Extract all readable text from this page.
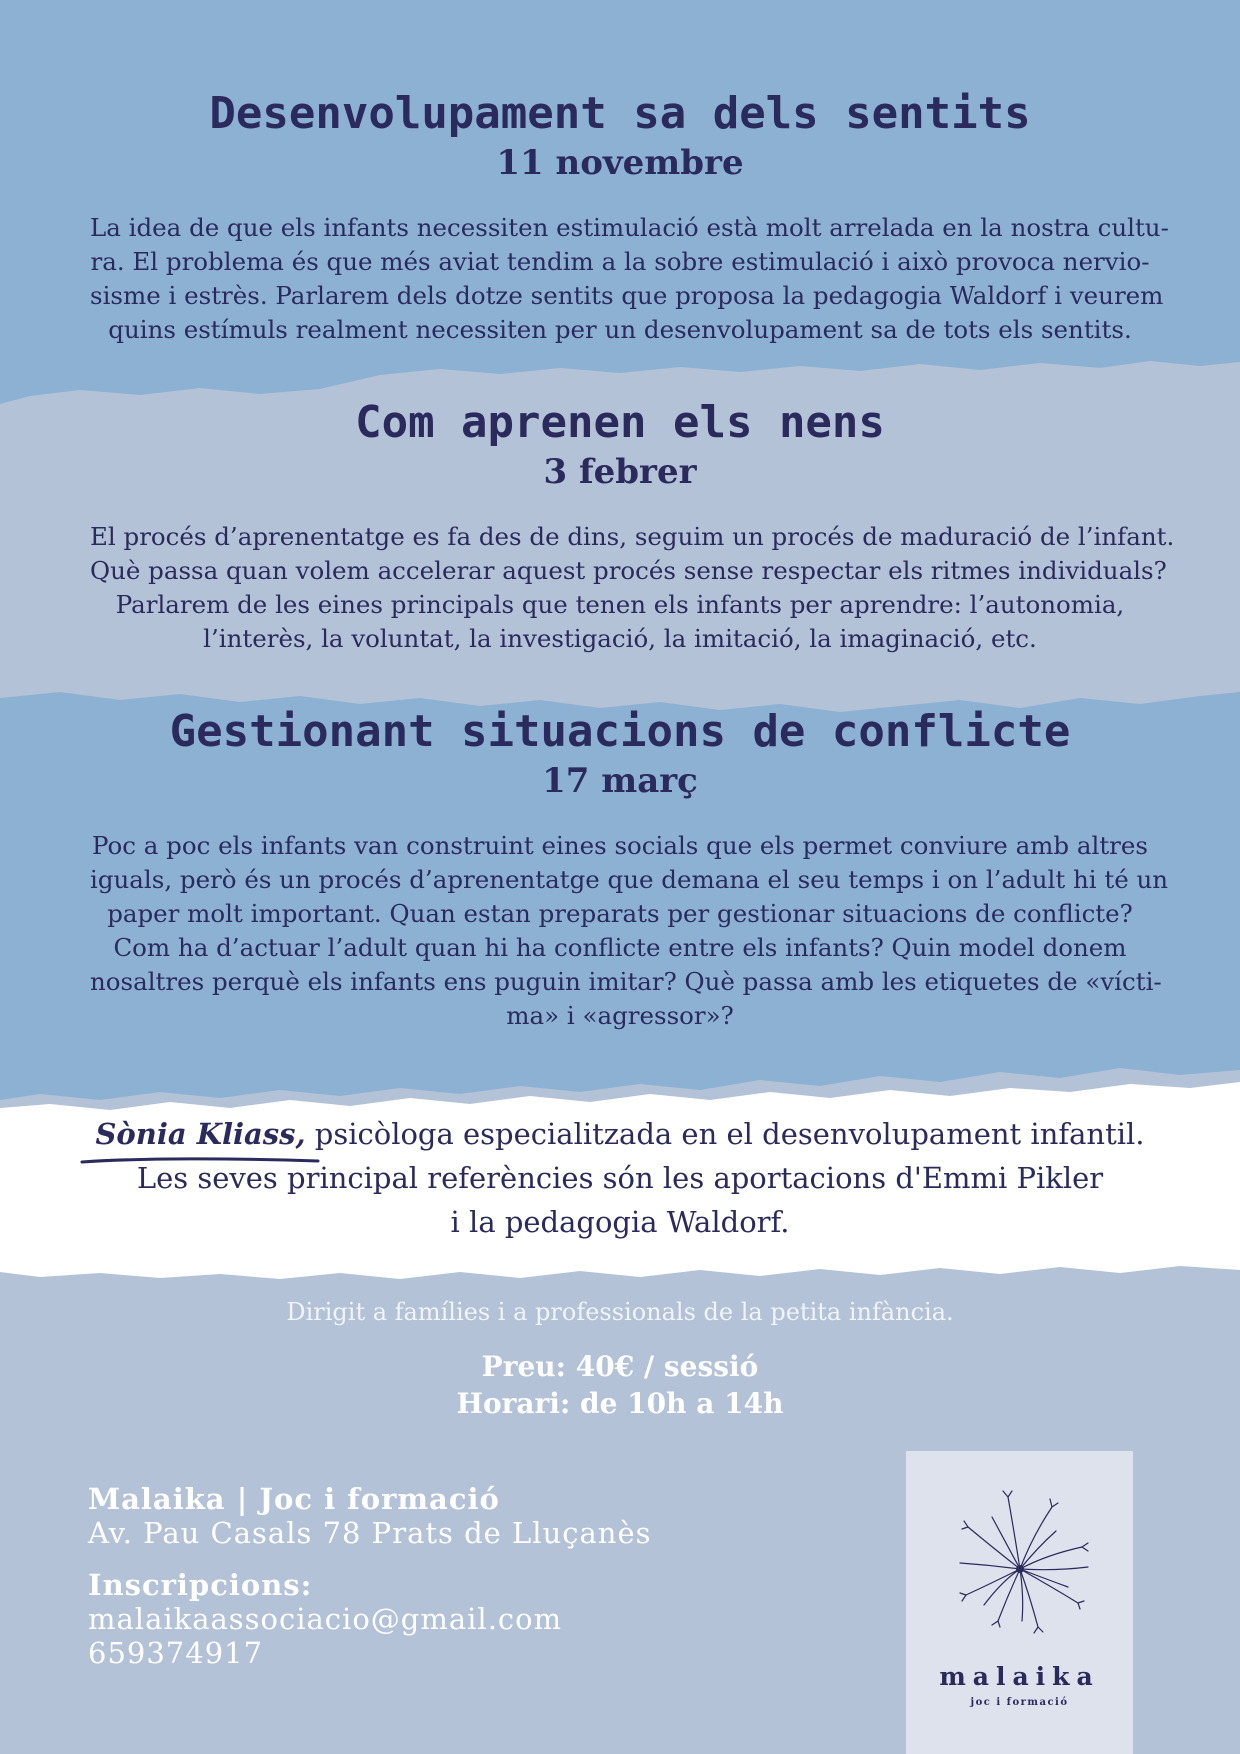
Desenvolupament sa dels sentits
11 novembre
La idea de que els infants necessiten estimulació està molt arrelada en la nostra cultu-
ra. El problema és que més aviat tendim a la sobre estimulació i això provoca nervio-
sisme i estrès. Parlarem dels dotze sentits que proposa la pedagogia Waldorf i veurem
quins estímuls realment necessiten per un desenvolupament sa de tots els sentits.
Com aprenen els nens
3 febrer
El procés d’aprenentatge es fa des de dins, seguim un procés de maduració de l’infant.
Què passa quan volem accelerar aquest procés sense respectar els ritmes individuals?
Parlarem de les eines principals que tenen els infants per aprendre: l’autonomia,
l’interès, la voluntat, la investigació, la imitació, la imaginació, etc.
Gestionant situacions de conflicte
17 març
Poc a poc els infants van construint eines socials que els permet conviure amb altres
iguals, però és un procés d’aprenentatge que demana el seu temps i on l’adult hi té un
paper molt important. Quan estan preparats per gestionar situacions de conflicte?
Com ha d’actuar l’adult quan hi ha conflicte entre els infants? Quin model donem
nosaltres perquè els infants ens puguin imitar? Què passa amb les etiquetes de «vícti-
ma» i «agressor»?
Sònia Kliass, psicòloga especialitzada en el desenvolupament infantil.
Les seves principal referències són les aportacions d'Emmi Pikler
i la pedagogia Waldorf.

Dirigit a famílies i a professionals de la petita infància.

Preu: 40€ / sessió
Horari: de 10h a 14h
Malaika | Joc i formació
Av. Pau Casals 78 Prats de Lluçanès
Inscripcions:
malaikaassociacio@gmail.com
659374917
malaika
joc i formació
